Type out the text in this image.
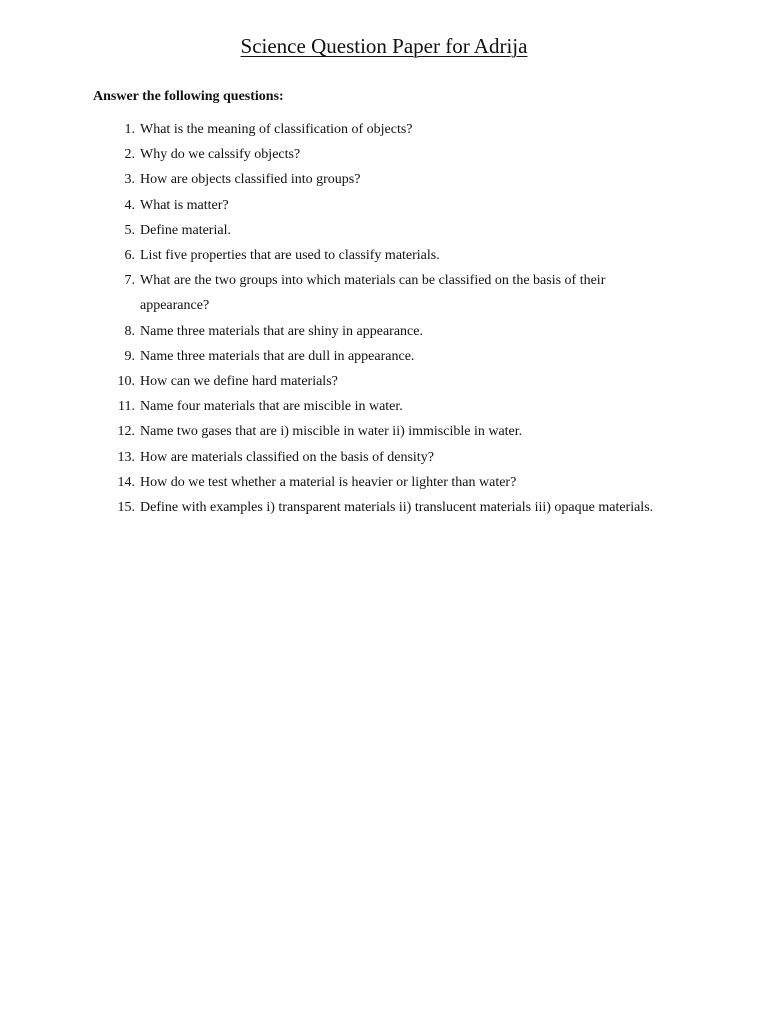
Science Question Paper for Adrija
Answer the following questions:
1. What is the meaning of classification of objects?
2. Why do we calssify objects?
3. How are objects classified into groups?
4. What is matter?
5. Define material.
6. List five properties that are used to classify materials.
7. What are the two groups into which materials can be classified on the basis of their appearance?
8. Name three materials that are shiny in appearance.
9. Name three materials that are dull in appearance.
10. How can we define hard materials?
11. Name four materials that are miscible in water.
12. Name two gases that are i) miscible in water ii) immiscible in water.
13. How are materials classified on the basis of density?
14. How do we test whether a material is heavier or lighter than water?
15. Define with examples i) transparent materials ii) translucent materials iii) opaque materials.
